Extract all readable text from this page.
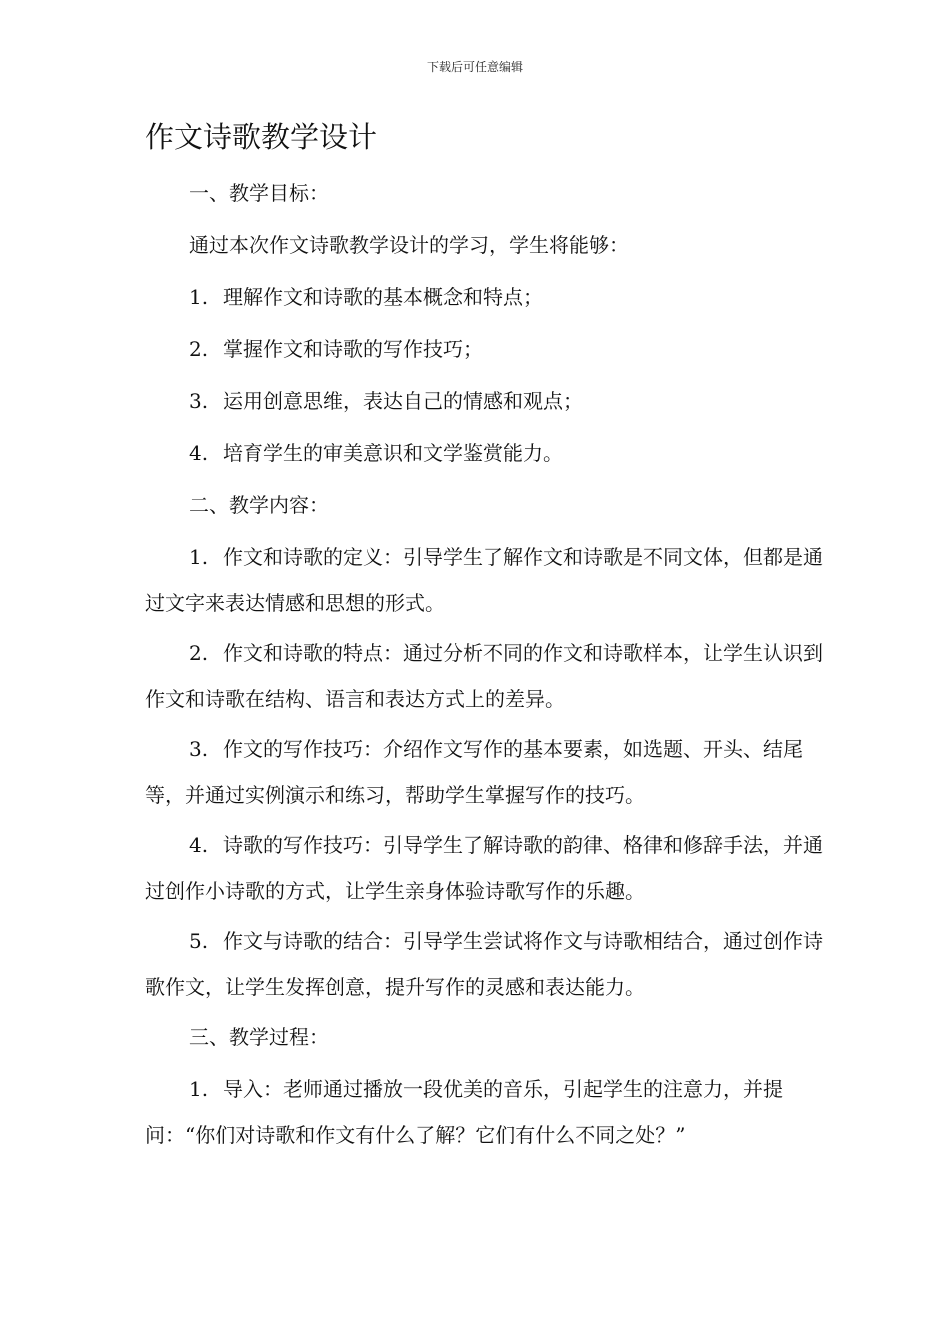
下载后可任意编辑
作文诗歌教学设计

一、教学目标：

通过本次作文诗歌教学设计的学习，学生将能够：

1. 理解作文和诗歌的基本概念和特点；

2. 掌握作文和诗歌的写作技巧；

3. 运用创意思维，表达自己的情感和观点；

4. 培育学生的审美意识和文学鉴赏能力。

二、教学内容：

1. 作文和诗歌的定义：引导学生了解作文和诗歌是不同文体，但都是通过文字来表达情感和思想的形式。

2. 作文和诗歌的特点：通过分析不同的作文和诗歌样本，让学生认识到作文和诗歌在结构、语言和表达方式上的差异。

3. 作文的写作技巧：介绍作文写作的基本要素，如选题、开头、结尾等，并通过实例演示和练习，帮助学生掌握写作的技巧。

4. 诗歌的写作技巧：引导学生了解诗歌的韵律、格律和修辞手法，并通过创作小诗歌的方式，让学生亲身体验诗歌写作的乐趣。

5. 作文与诗歌的结合：引导学生尝试将作文与诗歌相结合，通过创作诗歌作文，让学生发挥创意，提升写作的灵感和表达能力。

三、教学过程：

1. 导入：老师通过播放一段优美的音乐，引起学生的注意力，并提问：“你们对诗歌和作文有什么了解？它们有什么不同之处？”
